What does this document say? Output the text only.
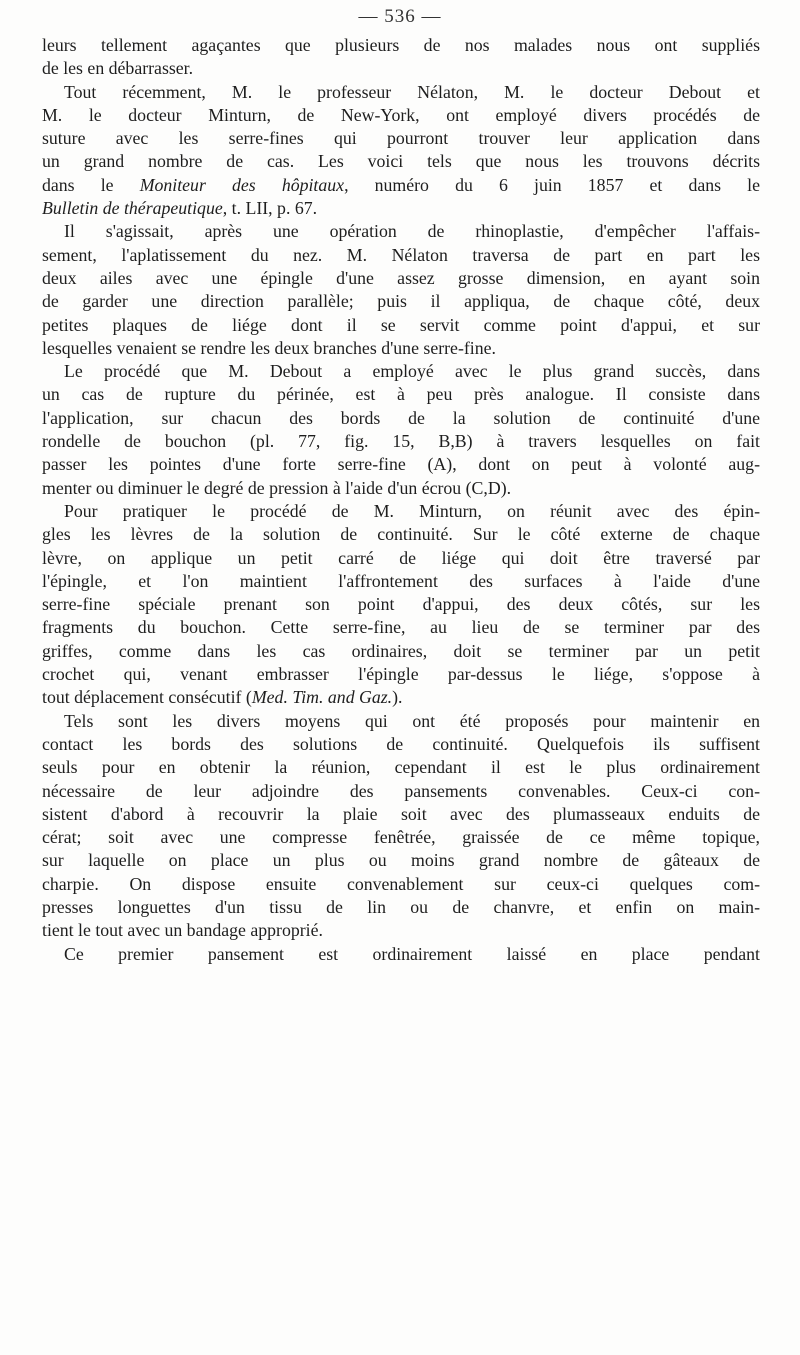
— 536 —
leurs tellement agaçantes que plusieurs de nos malades nous ont suppliés
de les en débarrasser.
Tout récemment, M. le professeur Nélaton, M. le docteur Debout et
M. le docteur Minturn, de New-York, ont employé divers procédés de
suture avec les serre-fines qui pourront trouver leur application dans
un grand nombre de cas. Les voici tels que nous les trouvons décrits
dans le Moniteur des hôpitaux, numéro du 6 juin 1857 et dans le
Bulletin de thérapeutique, t. LII, p. 67.
Il s'agissait, après une opération de rhinoplastie, d'empêcher l'affais-
sement, l'aplatissement du nez. M. Nélaton traversa de part en part les
deux ailes avec une épingle d'une assez grosse dimension, en ayant soin
de garder une direction parallèle; puis il appliqua, de chaque côté, deux
petites plaques de liége dont il se servit comme point d'appui, et sur
lesquelles venaient se rendre les deux branches d'une serre-fine.
Le procédé que M. Debout a employé avec le plus grand succès, dans
un cas de rupture du périnée, est à peu près analogue. Il consiste dans
l'application, sur chacun des bords de la solution de continuité d'une
rondelle de bouchon (pl. 77, fig. 15, B,B) à travers lesquelles on fait
passer les pointes d'une forte serre-fine (A), dont on peut à volonté aug-
menter ou diminuer le degré de pression à l'aide d'un écrou (C,D).
Pour pratiquer le procédé de M. Minturn, on réunit avec des épin-
gles les lèvres de la solution de continuité. Sur le côté externe de chaque
lèvre, on applique un petit carré de liége qui doit être traversé par
l'épingle, et l'on maintient l'affrontement des surfaces à l'aide d'une
serre-fine spéciale prenant son point d'appui, des deux côtés, sur les
fragments du bouchon. Cette serre-fine, au lieu de se terminer par des
griffes, comme dans les cas ordinaires, doit se terminer par un petit
crochet qui, venant embrasser l'épingle par-dessus le liége, s'oppose à
tout déplacement consécutif (Med. Tim. and Gaz.).
Tels sont les divers moyens qui ont été proposés pour maintenir en
contact les bords des solutions de continuité. Quelquefois ils suffisent
seuls pour en obtenir la réunion, cependant il est le plus ordinairement
nécessaire de leur adjoindre des pansements convenables. Ceux-ci con-
sistent d'abord à recouvrir la plaie soit avec des plumasseaux enduits de
cérat; soit avec une compresse fenêtrée, graissée de ce même topique,
sur laquelle on place un plus ou moins grand nombre de gâteaux de
charpie. On dispose ensuite convenablement sur ceux-ci quelques com-
presses longuettes d'un tissu de lin ou de chanvre, et enfin on main-
tient le tout avec un bandage approprié.
Ce premier pansement est ordinairement laissé en place pendant
